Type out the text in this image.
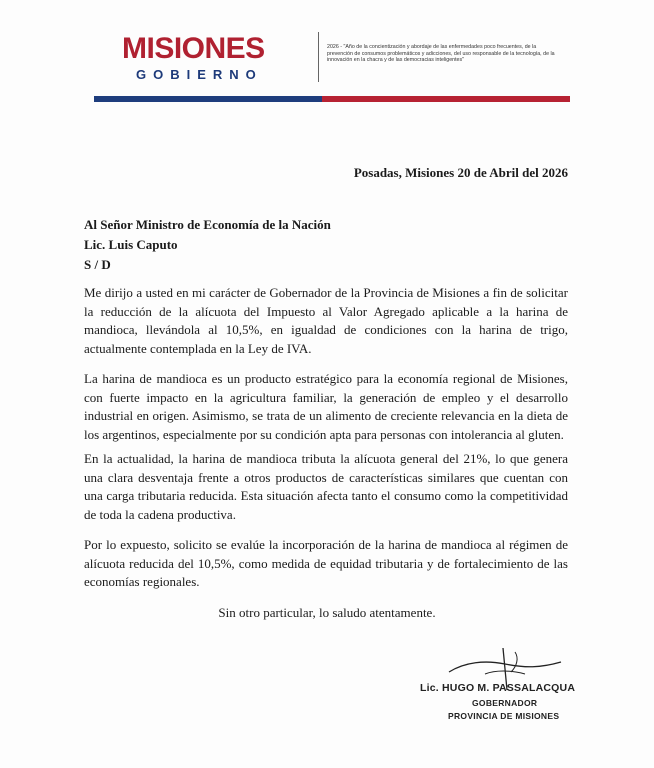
MISIONES
GOBIERNO
2026 - "Año de la concientización y abordaje de las enfermedades poco frecuentes, de la prevención de consumos problemáticos y adicciones, del uso responsable de la tecnología, de la innovación en la chacra y de las democracias inteligentes"
Posadas, Misiones 20 de Abril del 2026
Al Señor Ministro de Economía de la Nación
Lic. Luis Caputo
S / D

Me dirijo a usted en mi carácter de Gobernador de la Provincia de Misiones a fin de solicitar la reducción de la alícuota del Impuesto al Valor Agregado aplicable a la harina de mandioca, llevándola al 10,5%, en igualdad de condiciones con la harina de trigo, actualmente contemplada en la Ley de IVA.

La harina de mandioca es un producto estratégico para la economía regional de Misiones, con fuerte impacto en la agricultura familiar, la generación de empleo y el desarrollo industrial en origen. Asimismo, se trata de un alimento de creciente relevancia en la dieta de los argentinos, especialmente por su condición apta para personas con intolerancia al gluten.

En la actualidad, la harina de mandioca tributa la alícuota general del 21%, lo que genera una clara desventaja frente a otros productos de características similares que cuentan con una carga tributaria reducida. Esta situación afecta tanto el consumo como la competitividad de toda la cadena productiva.

Por lo expuesto, solicito se evalúe la incorporación de la harina de mandioca al régimen de alícuota reducida del 10,5%, como medida de equidad tributaria y de fortalecimiento de las economías regionales.

Sin otro particular, lo saludo atentamente.
Lic. HUGO M. PASSALACQUA
GOBERNADOR
PROVINCIA DE MISIONES
